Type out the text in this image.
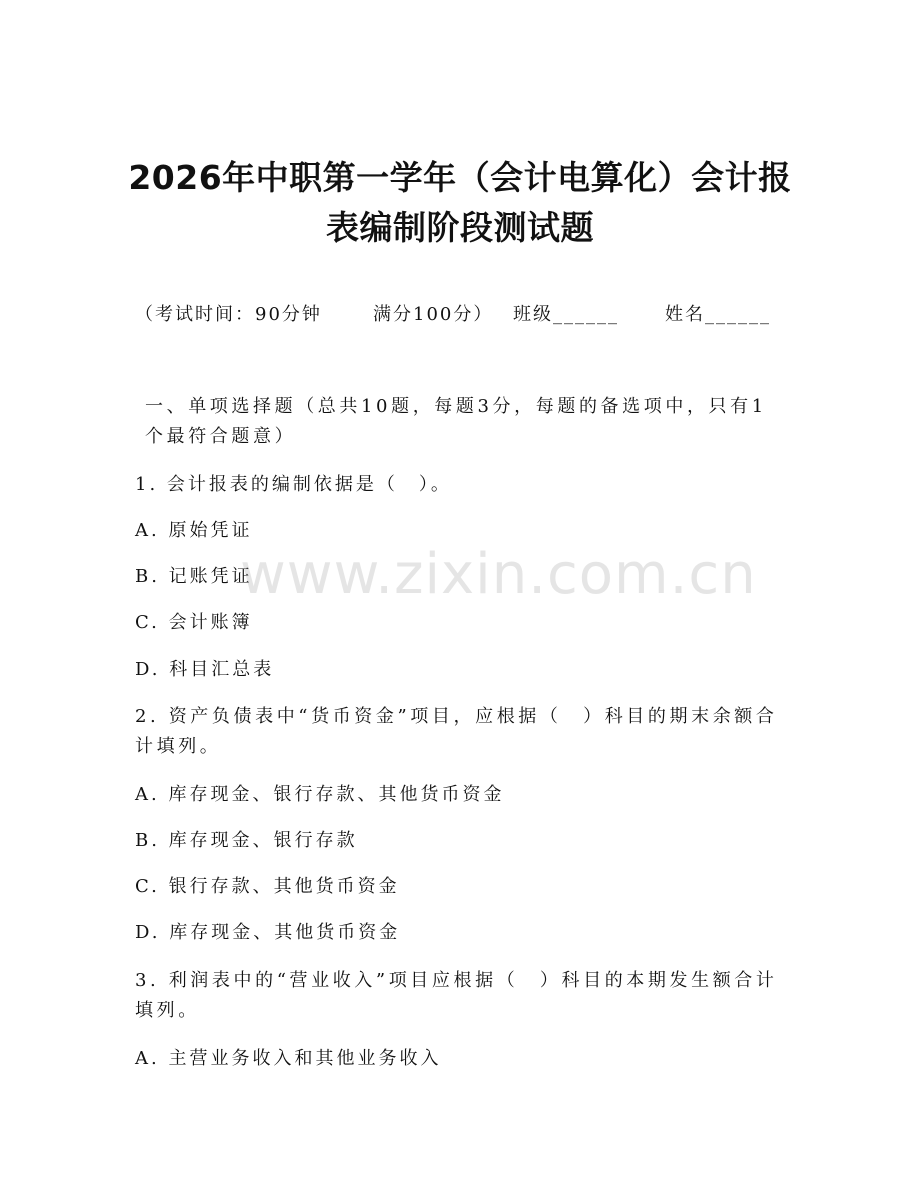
2026年中职第一学年（会计电算化）会计报
表编制阶段测试题
（考试时间：90分钟	满分100分） 班级______	姓名______

一、单项选择题（总共10题，每题3分，每题的备选项中，只有1个最符合题意）

1. 会计报表的编制依据是（　）。

A. 原始凭证

B. 记账凭证

C. 会计账簿

D. 科目汇总表

2. 资产负债表中“货币资金”项目，应根据（　）科目的期末余额合计填列。

A. 库存现金、银行存款、其他货币资金

B. 库存现金、银行存款

C. 银行存款、其他货币资金

D. 库存现金、其他货币资金

3. 利润表中的“营业收入”项目应根据（　）科目的本期发生额合计填列。

A. 主营业务收入和其他业务收入

www.zixin.com.cn
